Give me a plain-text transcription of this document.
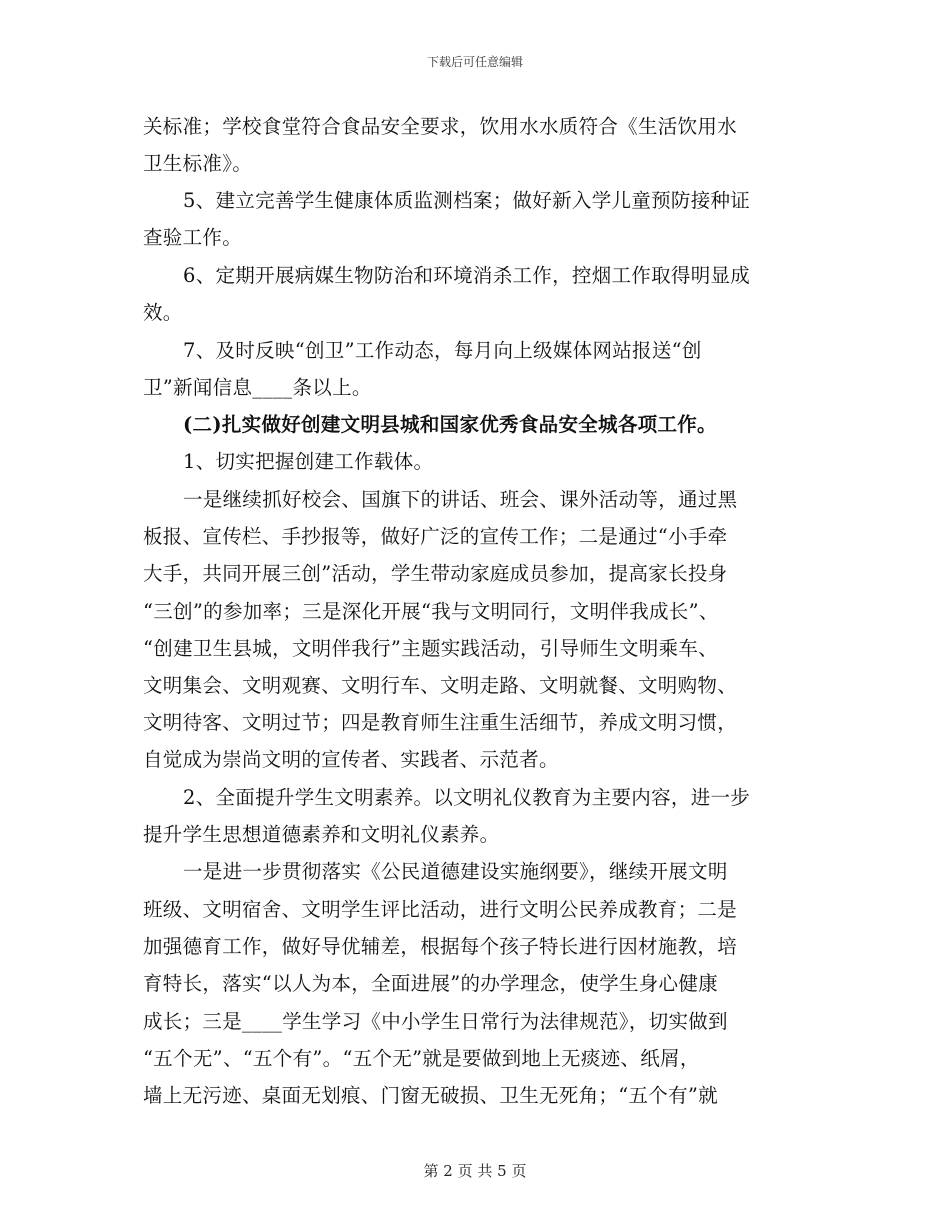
下载后可任意编辑
关标准；学校食堂符合食品安全要求，饮用水水质符合《生活饮用水
卫生标准》。
5、建立完善学生健康体质监测档案；做好新入学儿童预防接种证
查验工作。
6、定期开展病媒生物防治和环境消杀工作，控烟工作取得明显成
效。
7、及时反映“创卫”工作动态，每月向上级媒体网站报送“创
卫”新闻信息____条以上。
(二)扎实做好创建文明县城和国家优秀食品安全城各项工作。
1、切实把握创建工作载体。
一是继续抓好校会、国旗下的讲话、班会、课外活动等，通过黑
板报、宣传栏、手抄报等，做好广泛的宣传工作；二是通过“小手牵
大手，共同开展三创”活动，学生带动家庭成员参加，提高家长投身
“三创”的参加率；三是深化开展“我与文明同行，文明伴我成长”、
“创建卫生县城，文明伴我行”主题实践活动，引导师生文明乘车、
文明集会、文明观赛、文明行车、文明走路、文明就餐、文明购物、
文明待客、文明过节；四是教育师生注重生活细节，养成文明习惯，
自觉成为崇尚文明的宣传者、实践者、示范者。
2、全面提升学生文明素养。以文明礼仪教育为主要内容，进一步
提升学生思想道德素养和文明礼仪素养。
一是进一步贯彻落实《公民道德建设实施纲要》，继续开展文明
班级、文明宿舍、文明学生评比活动，进行文明公民养成教育；二是
加强德育工作，做好导优辅差，根据每个孩子特长进行因材施教，培
育特长，落实“以人为本，全面进展”的办学理念，使学生身心健康
成长；三是____学生学习《中小学生日常行为法律规范》，切实做到
“五个无”、“五个有”。“五个无”就是要做到地上无痰迹、纸屑，
墙上无污迹、桌面无划痕、门窗无破损、卫生无死角；“五个有”就
第 2 页 共 5 页
